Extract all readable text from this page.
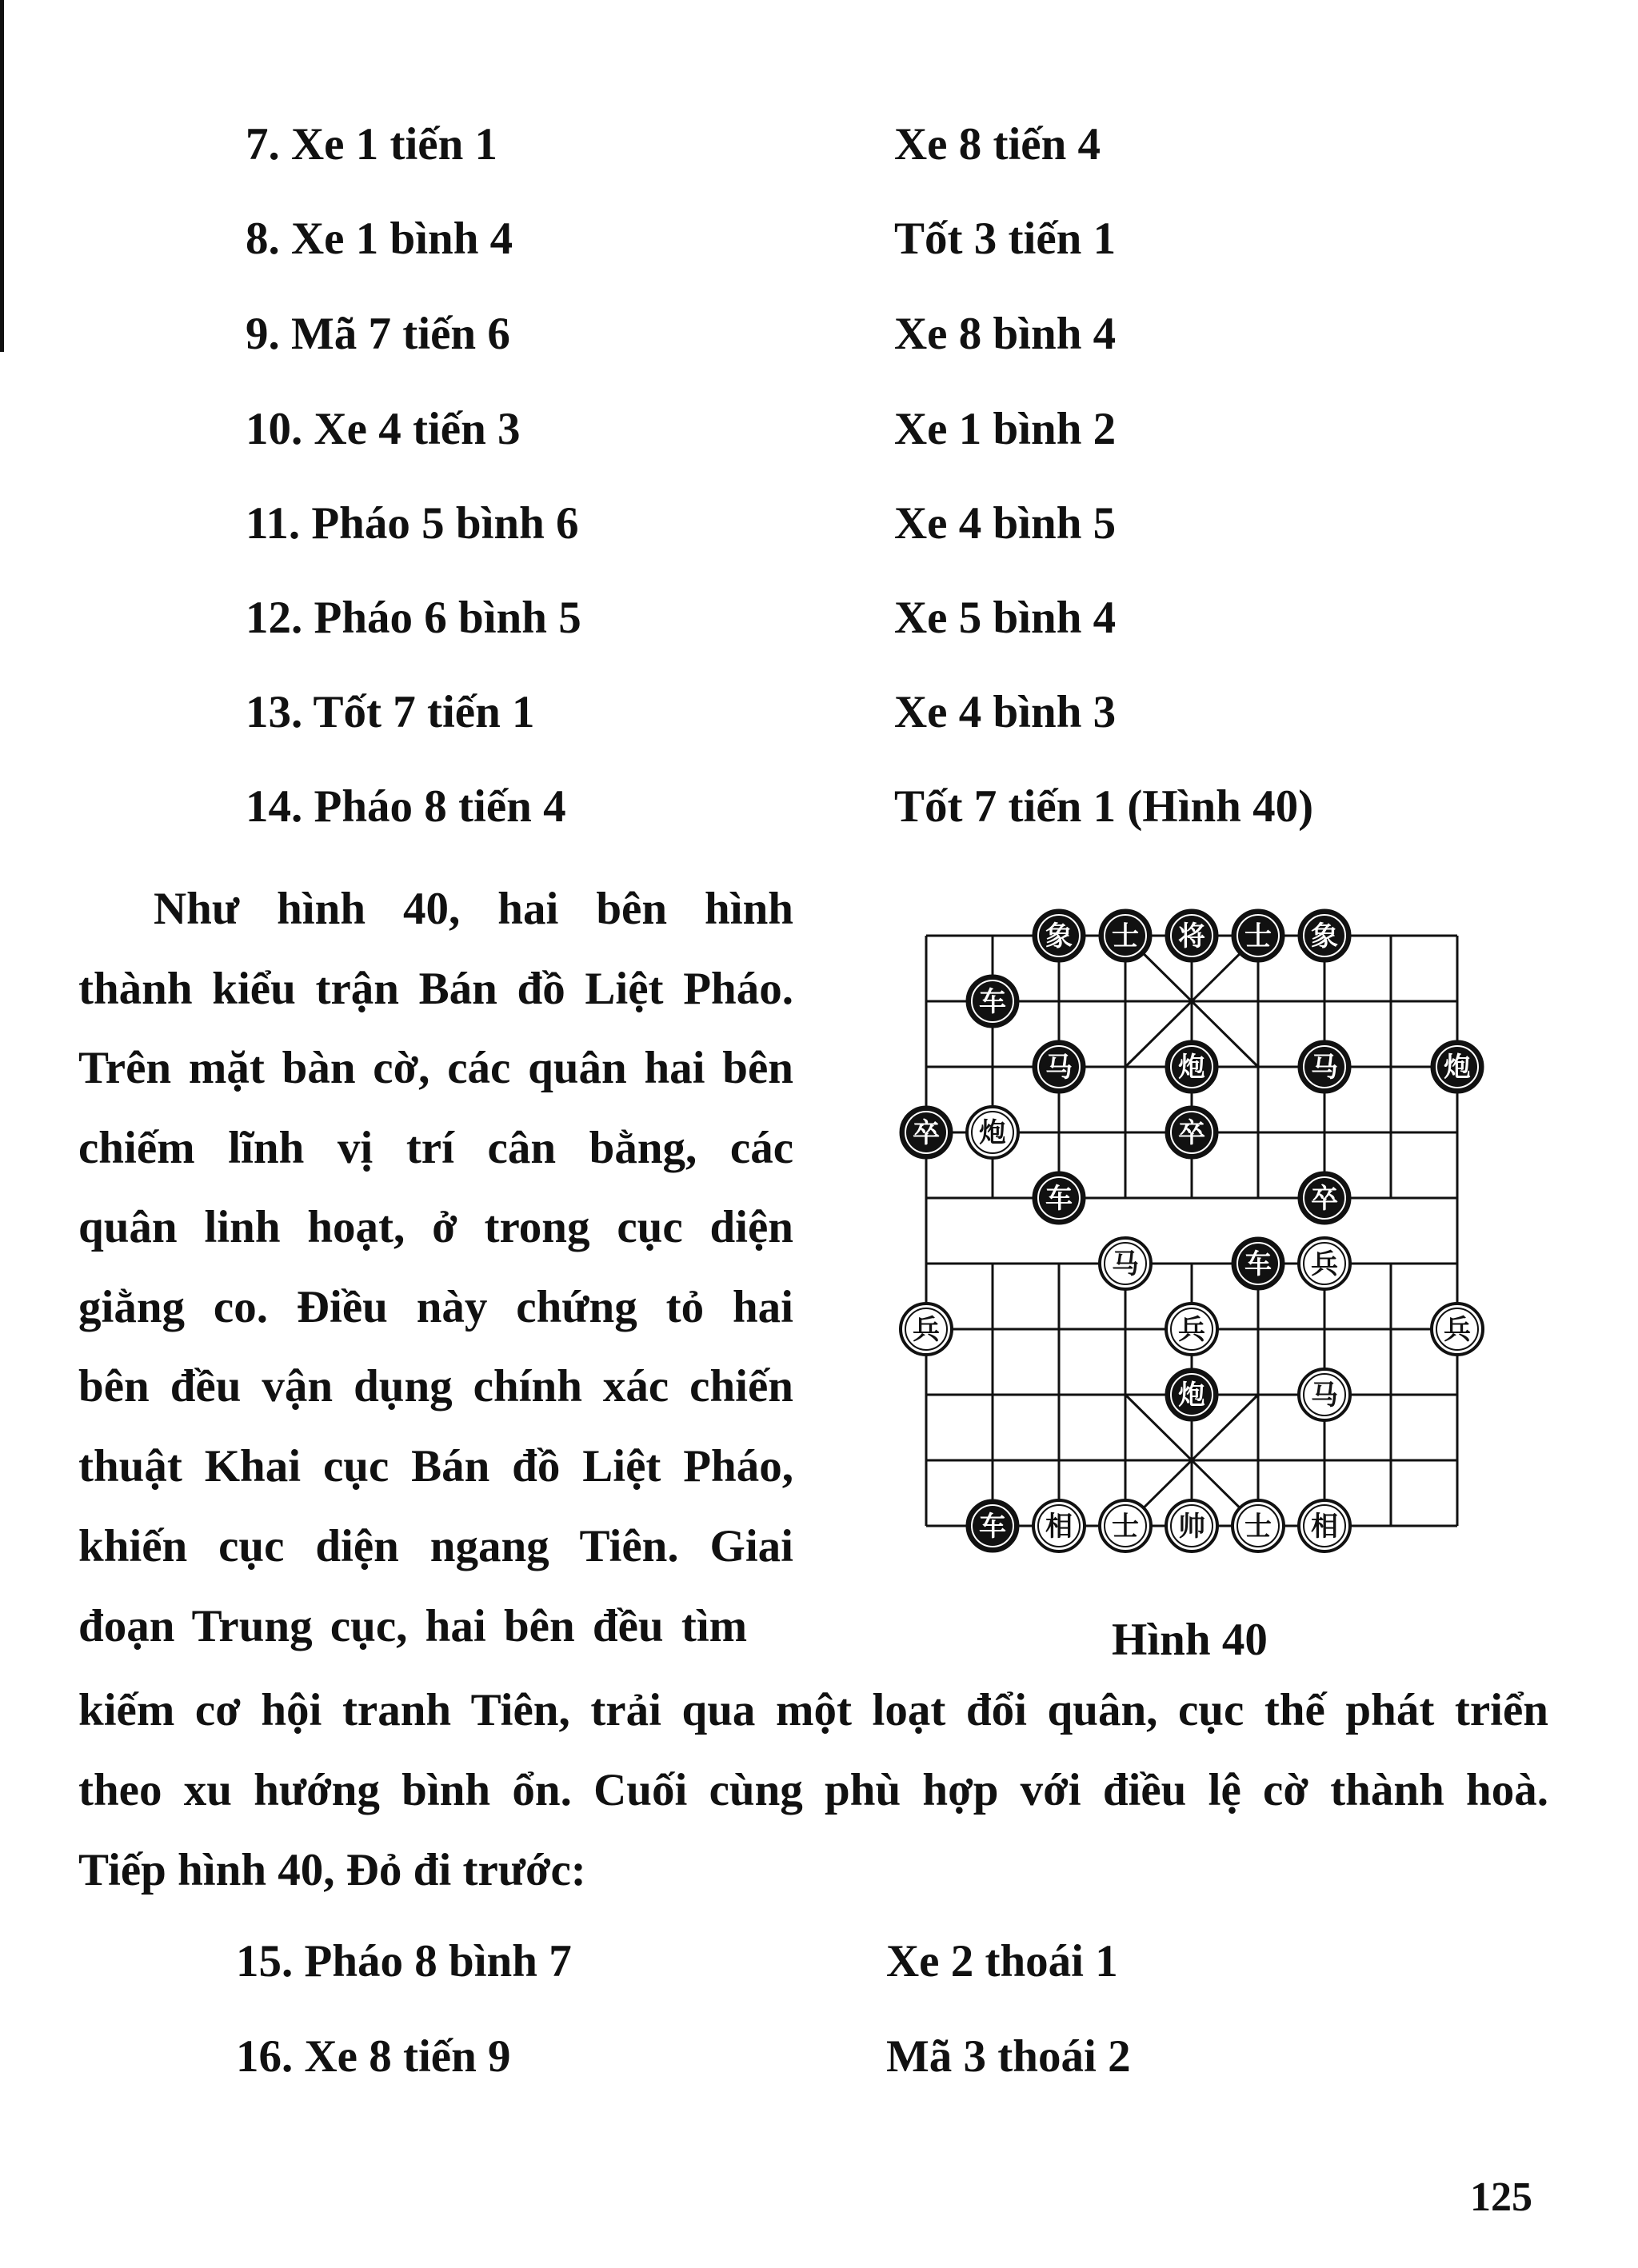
7. Xe 1 tiến 1	Xe 8 tiến 4
8. Xe 1 bình 4	Tốt 3 tiến 1
9. Mã 7 tiến 6	Xe 8 bình 4
10. Xe 4 tiến 3	Xe 1 bình 2
11. Pháo 5 bình 6	Xe 4 bình 5
12. Pháo 6 bình 5	Xe 5 bình 4
13. Tốt 7 tiến 1	Xe 4 bình 3
14. Pháo 8 tiến 4	Tốt 7 tiến 1 (Hình 40)
Như hình 40, hai bên hình
thành kiểu trận Bán đồ Liệt Pháo.
Trên mặt bàn cờ, các quân hai bên
chiếm lĩnh vị trí cân bằng, các
quân linh hoạt, ở trong cục diện
giằng co. Điều này chứng tỏ hai
bên đều vận dụng chính xác chiến
thuật Khai cục Bán đồ Liệt Pháo,
khiến cục diện ngang Tiên. Giai
đoạn Trung cục, hai bên đều tìm
kiếm cơ hội tranh Tiên, trải qua một loạt đổi quân, cục thế phát triển
theo xu hướng bình ổn. Cuối cùng phù hợp với điều lệ cờ thành hoà.
Tiếp hình 40, Đỏ đi trước:
15. Pháo 8 bình 7	Xe 2 thoái 1
16. Xe 8 tiến 9	Mã 3 thoái 2
象 士 将 士 象
车
马	炮	马	炮
卒 炮	卒
车	卒
马	车 兵
兵	兵	兵
炮	马
车 相 士 帅 士 相
Hình 40
125
